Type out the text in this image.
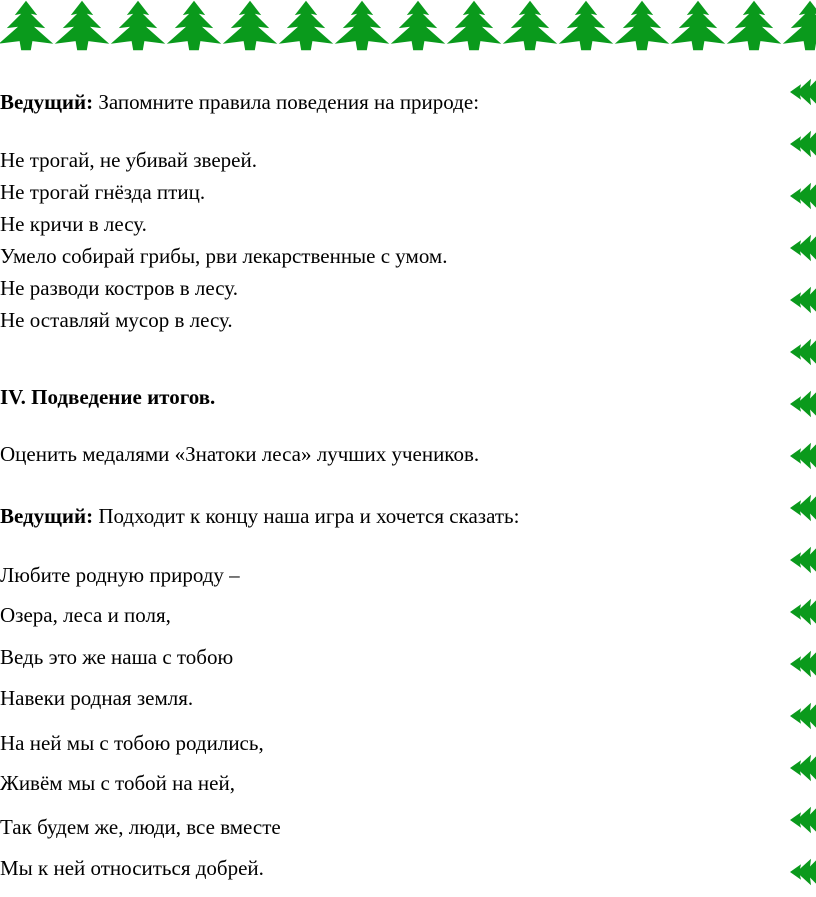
Ведущий: Запомните правила поведения на природе:
Не трогай, не убивай зверей.
Не трогай гнёзда птиц.
Не кричи в лесу.
Умело собирай грибы, рви лекарственные с умом.
Не разводи костров в лесу.
Не оставляй мусор в лесу.
IV. Подведение итогов.
Оценить медалями «Знатоки леса» лучших учеников.
Ведущий: Подходит к концу наша игра и хочется сказать:
Любите родную природу –
Озера, леса и поля,
Ведь это же наша с тобою
Навеки родная земля.
На ней мы с тобою родились,
Живём мы с тобой на ней,
Так будем же, люди, все вместе
Мы к ней относиться добрей.
